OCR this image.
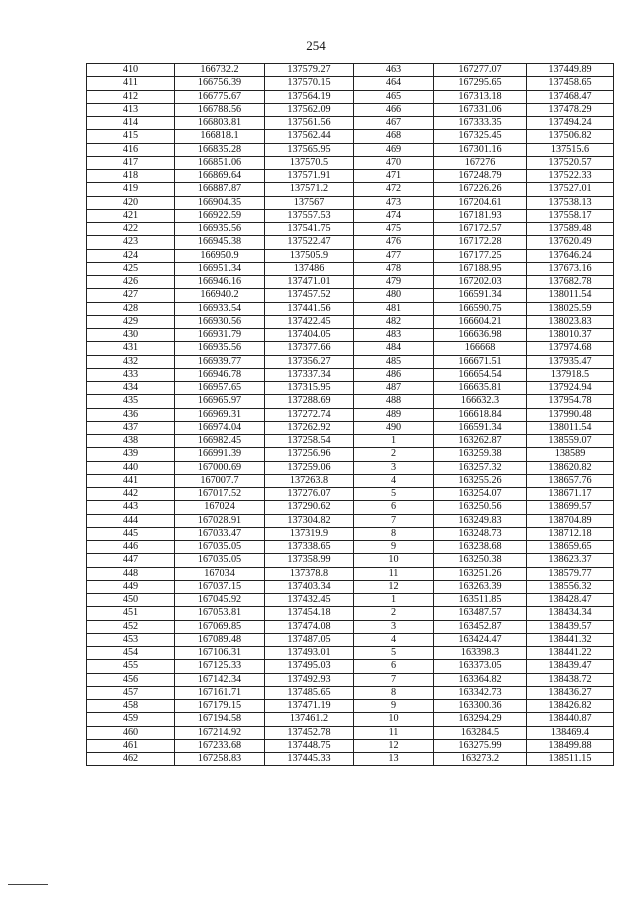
254
410	166732.2	137579.27	463	167277.07	137449.89
411	166756.39	137570.15	464	167295.65	137458.65
412	166775.67	137564.19	465	167313.18	137468.47
413	166788.56	137562.09	466	167331.06	137478.29
414	166803.81	137561.56	467	167333.35	137494.24
415	166818.1	137562.44	468	167325.45	137506.82
416	166835.28	137565.95	469	167301.16	137515.6
417	166851.06	137570.5	470	167276	137520.57
418	166869.64	137571.91	471	167248.79	137522.33
419	166887.87	137571.2	472	167226.26	137527.01
420	166904.35	137567	473	167204.61	137538.13
421	166922.59	137557.53	474	167181.93	137558.17
422	166935.56	137541.75	475	167172.57	137589.48
423	166945.38	137522.47	476	167172.28	137620.49
424	166950.9	137505.9	477	167177.25	137646.24
425	166951.34	137486	478	167188.95	137673.16
426	166946.16	137471.01	479	167202.03	137682.78
427	166940.2	137457.52	480	166591.34	138011.54
428	166933.54	137441.56	481	166590.75	138025.59
429	166930.56	137422.45	482	166604.21	138023.83
430	166931.79	137404.05	483	166636.98	138010.37
431	166935.56	137377.66	484	166668	137974.68
432	166939.77	137356.27	485	166671.51	137935.47
433	166946.78	137337.34	486	166654.54	137918.5
434	166957.65	137315.95	487	166635.81	137924.94
435	166965.97	137288.69	488	166632.3	137954.78
436	166969.31	137272.74	489	166618.84	137990.48
437	166974.04	137262.92	490	166591.34	138011.54
438	166982.45	137258.54	1	163262.87	138559.07
439	166991.39	137256.96	2	163259.38	138589
440	167000.69	137259.06	3	163257.32	138620.82
441	167007.7	137263.8	4	163255.26	138657.76
442	167017.52	137276.07	5	163254.07	138671.17
443	167024	137290.62	6	163250.56	138699.57
444	167028.91	137304.82	7	163249.83	138704.89
445	167033.47	137319.9	8	163248.73	138712.18
446	167035.05	137338.65	9	163238.68	138659.65
447	167035.05	137358.99	10	163250.38	138623.37
448	167034	137378.8	11	163251.26	138579.77
449	167037.15	137403.34	12	163263.39	138556.32
450	167045.92	137432.45	1	163511.85	138428.47
451	167053.81	137454.18	2	163487.57	138434.34
452	167069.85	137474.08	3	163452.87	138439.57
453	167089.48	137487.05	4	163424.47	138441.32
454	167106.31	137493.01	5	163398.3	138441.22
455	167125.33	137495.03	6	163373.05	138439.47
456	167142.34	137492.93	7	163364.82	138438.72
457	167161.71	137485.65	8	163342.73	138436.27
458	167179.15	137471.19	9	163300.36	138426.82
459	167194.58	137461.2	10	163294.29	138440.87
460	167214.92	137452.78	11	163284.5	138469.4
461	167233.68	137448.75	12	163275.99	138499.88
462	167258.83	137445.33	13	163273.2	138511.15
